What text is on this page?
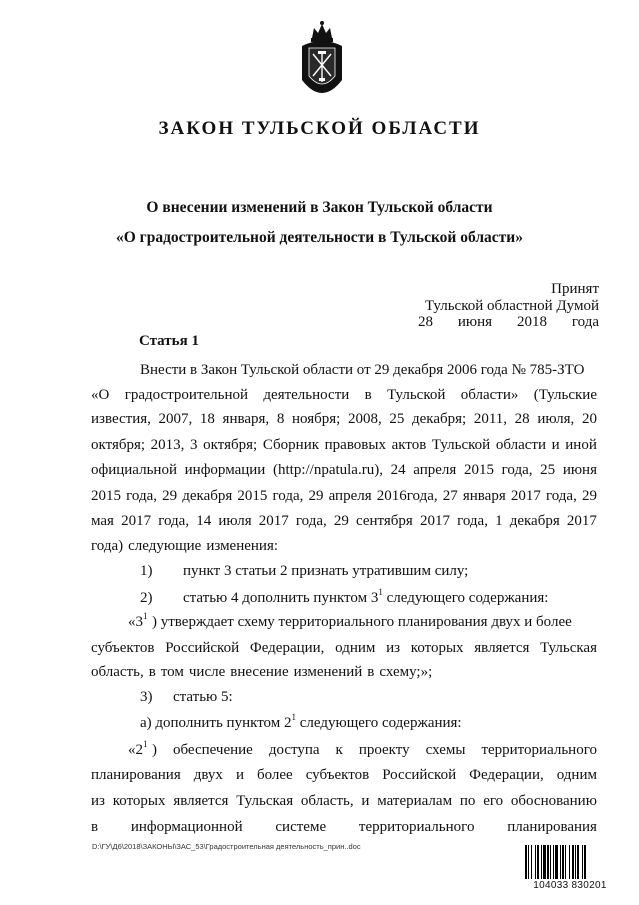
ЗАКОН ТУЛЬСКОЙ ОБЛАСТИ
О внесении изменений в Закон Тульской области
«О градостроительной деятельности в Тульской области»
Принят
Тульской областной Думой
28 июня 2018 года
Статья 1
Внести в Закон Тульской области от 29 декабря 2006 года № 785-ЗТО
«О градостроительной деятельности в Тульской области» (Тульские
известия, 2007, 18 января, 8 ноября; 2008, 25 декабря; 2011, 28 июля, 20
октября; 2013, 3 октября; Сборник правовых актов Тульской области и иной
официальной информации (http://npatula.ru), 24 апреля 2015 года, 25 июня
2015 года, 29 декабря 2015 года, 29 апреля 2016года, 27 января 2017 года, 29
мая 2017 года, 14 июля 2017 года, 29 сентября 2017 года, 1 декабря 2017
года) следующие изменения:
1) пункт 3 статьи 2 признать утратившим силу;
2) статью 4 дополнить пунктом $3^1$ следующего содержания:
«$3^1$ ) утверждает схему территориального планирования двух и более
субъектов Российской Федерации, одним из которых является Тульская
область, в том числе внесение изменений в схему;»;
3) статью 5:
а) дополнить пунктом $2^1$ следующего содержания:
«$2^1$ ) обеспечение доступа к проекту схемы территориального
планирования двух и более субъектов Российской Федерации, одним
из которых является Тульская область, и материалам по его обоснованию
в информационной системе территориального планирования
D:\ГУ\Д6\2018\ЗАКОНЫ\ЗАС_53\Градостроительная деятельность_прин..doc
104033 830201
